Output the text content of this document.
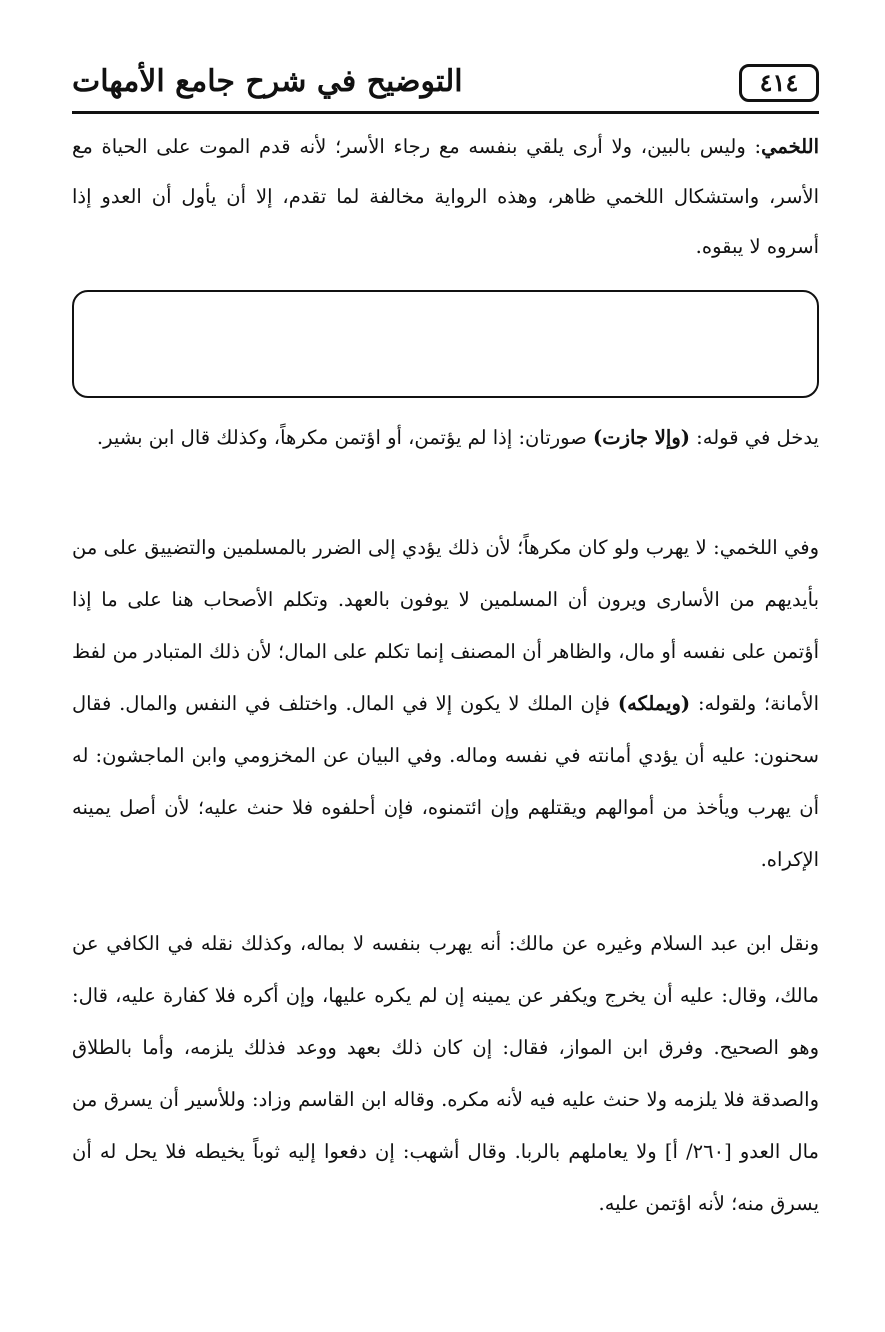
٤١٤
التوضيح في شرح جامع الأمهات

اللخمي: وليس بالبين، ولا أرى يلقي بنفسه مع رجاء الأسر؛ لأنه قدم الموت على الحياة مع الأسر، واستشكال اللخمي ظاهر، وهذه الرواية مخالفة لما تقدم، إلا أن يأول أن العدو إذا أسروه لا يبقوه.

يدخل في قوله: (وإلا جازت) صورتان: إذا لم يؤتمن، أو اؤتمن مكرهاً، وكذلك قال ابن بشير.

وفي اللخمي: لا يهرب ولو كان مكرهاً؛ لأن ذلك يؤدي إلى الضرر بالمسلمين والتضييق على من بأيديهم من الأسارى ويرون أن المسلمين لا يوفون بالعهد. وتكلم الأصحاب هنا على ما إذا أؤتمن على نفسه أو مال، والظاهر أن المصنف إنما تكلم على المال؛ لأن ذلك المتبادر من لفظ الأمانة؛ ولقوله: (ويملكه) فإن الملك لا يكون إلا في المال. واختلف في النفس والمال. فقال سحنون: عليه أن يؤدي أمانته في نفسه وماله. وفي البيان عن المخزومي وابن الماجشون: له أن يهرب ويأخذ من أموالهم ويقتلهم وإن ائتمنوه، فإن أحلفوه فلا حنث عليه؛ لأن أصل يمينه الإكراه.

ونقل ابن عبد السلام وغيره عن مالك: أنه يهرب بنفسه لا بماله، وكذلك نقله في الكافي عن مالك، وقال: عليه أن يخرج ويكفر عن يمينه إن لم يكره عليها، وإن أكره فلا كفارة عليه، قال: وهو الصحيح. وفرق ابن المواز، فقال: إن كان ذلك بعهد ووعد فذلك يلزمه، وأما بالطلاق والصدقة فلا يلزمه ولا حنث عليه فيه لأنه مكره. وقاله ابن القاسم وزاد: وللأسير أن يسرق من مال العدو [٢٦٠/ أ] ولا يعاملهم بالربا. وقال أشهب: إن دفعوا إليه ثوباً يخيطه فلا يحل له أن يسرق منه؛ لأنه اؤتمن عليه.
